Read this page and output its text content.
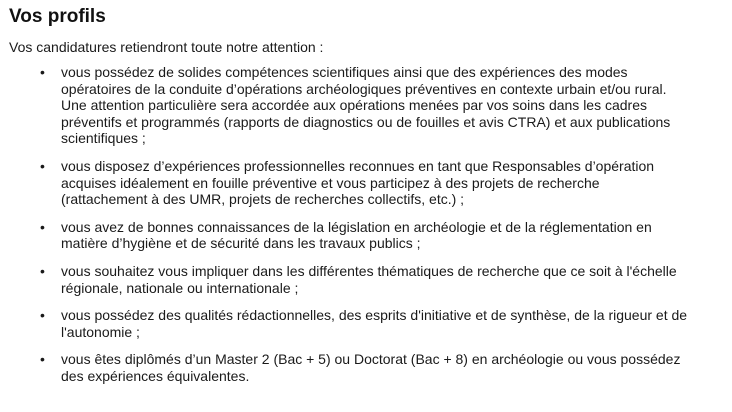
Vos profils

Vos candidatures retiendront toute notre attention :

• vous possédez de solides compétences scientifiques ainsi que des expériences des modes
opératoires de la conduite d’opérations archéologiques préventives en contexte urbain et/ou rural.
Une attention particulière sera accordée aux opérations menées par vos soins dans les cadres
préventifs et programmés (rapports de diagnostics ou de fouilles et avis CTRA) et aux publications
scientifiques ;
• vous disposez d’expériences professionnelles reconnues en tant que Responsables d’opération
acquises idéalement en fouille préventive et vous participez à des projets de recherche
(rattachement à des UMR, projets de recherches collectifs, etc.) ;
• vous avez de bonnes connaissances de la législation en archéologie et de la réglementation en
matière d’hygiène et de sécurité dans les travaux publics ;
• vous souhaitez vous impliquer dans les différentes thématiques de recherche que ce soit à l'échelle
régionale, nationale ou internationale ;
• vous possédez des qualités rédactionnelles, des esprits d'initiative et de synthèse, de la rigueur et de
l'autonomie ;
• vous êtes diplômés d’un Master 2 (Bac + 5) ou Doctorat (Bac + 8) en archéologie ou vous possédez
des expériences équivalentes.
